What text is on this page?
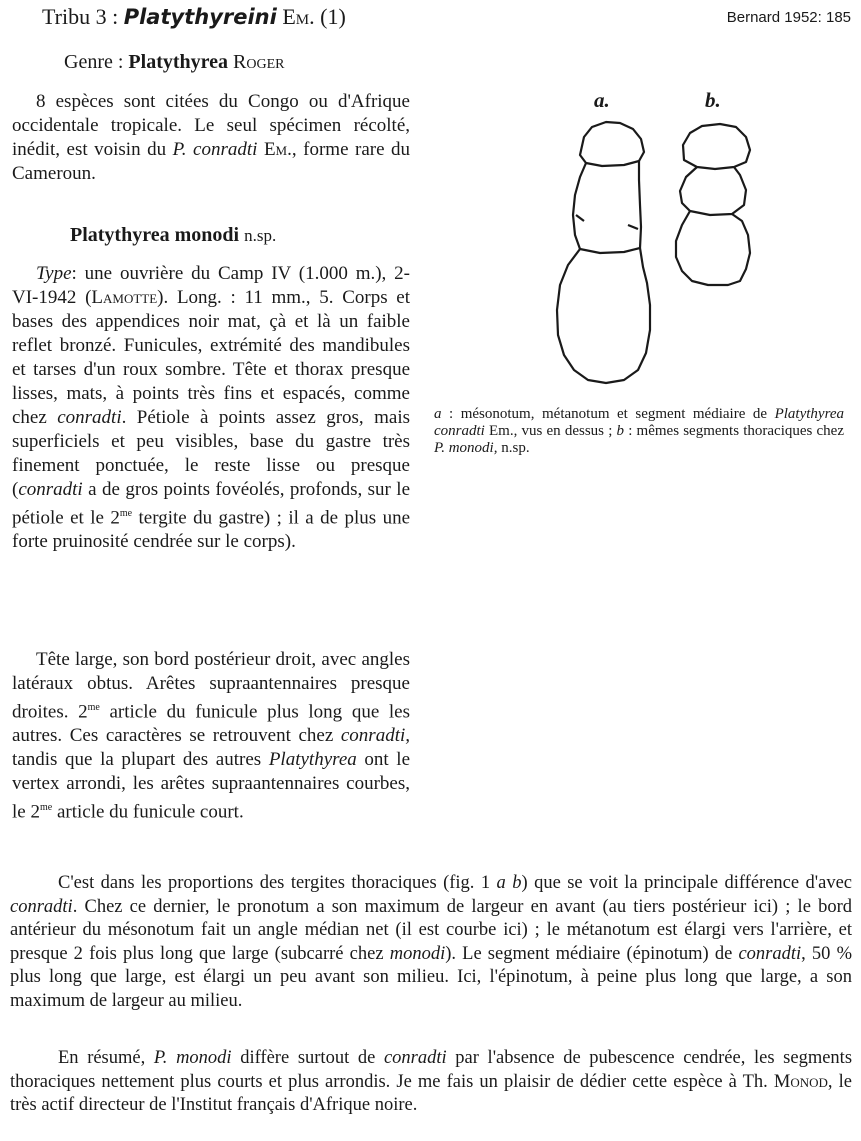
Tribu 3 : Platythyreini Em. (1)	Bernard 1952: 185
Genre : Platythyrea Roger

8 espèces sont citées du Congo ou d'Afrique occidentale tropicale. Le seul spécimen récolté, inédit, est voisin du P. conradti Em., forme rare du Cameroun.

Platythyrea monodi n.sp.

Type: une ouvrière du Camp IV (1.000 m.), 2-VI-1942 (Lamotte). Long. : 11 mm., 5. Corps et bases des appendices noir mat, çà et là un faible reflet bronzé. Funicules, extrémité des mandibules et tarses d'un roux sombre. Tête et thorax presque lisses, mats, à points très fins et espacés, comme chez conradti. Pétiole à points assez gros, mais superficiels et peu visibles, base du gastre très finement ponctuée, le reste lisse ou presque (conradti a de gros points fovéolés, profonds, sur le pétiole et le $2^{me}$ tergite du gastre) ; il a de plus une forte pruinosité cendrée sur le corps).

Tête large, son bord postérieur droit, avec angles latéraux obtus. Arêtes supraantennaires presque droites. $2^{me}$ article du funicule plus long que les autres. Ces caractères se retrouvent chez conradti, tandis que la plupart des autres Platythyrea ont le vertex arrondi, les arêtes supraantennaires courbes, le $2^{me}$ article du funicule court.

a.	b.
a : mésonotum, métanotum et segment médiaire de Platythyrea conradti Em., vus en dessus ; b : mêmes segments thoraciques chez P. monodi, n.sp.

C'est dans les proportions des tergites thoraciques (fig. 1 a b) que se voit la principale différence d'avec conradti. Chez ce dernier, le pronotum a son maximum de largeur en avant (au tiers postérieur ici) ; le bord antérieur du mésonotum fait un angle médian net (il est courbe ici) ; le métanotum est élargi vers l'arrière, et presque 2 fois plus long que large (subcarré chez monodi). Le segment médiaire (épinotum) de conradti, 50 % plus long que large, est élargi un peu avant son milieu. Ici, l'épinotum, à peine plus long que large, a son maximum de largeur au milieu.

En résumé, P. monodi diffère surtout de conradti par l'absence de pubescence cendrée, les segments thoraciques nettement plus courts et plus arrondis. Je me fais un plaisir de dédier cette espèce à Th. Monod, le très actif directeur de l'Institut français d'Afrique noire.
